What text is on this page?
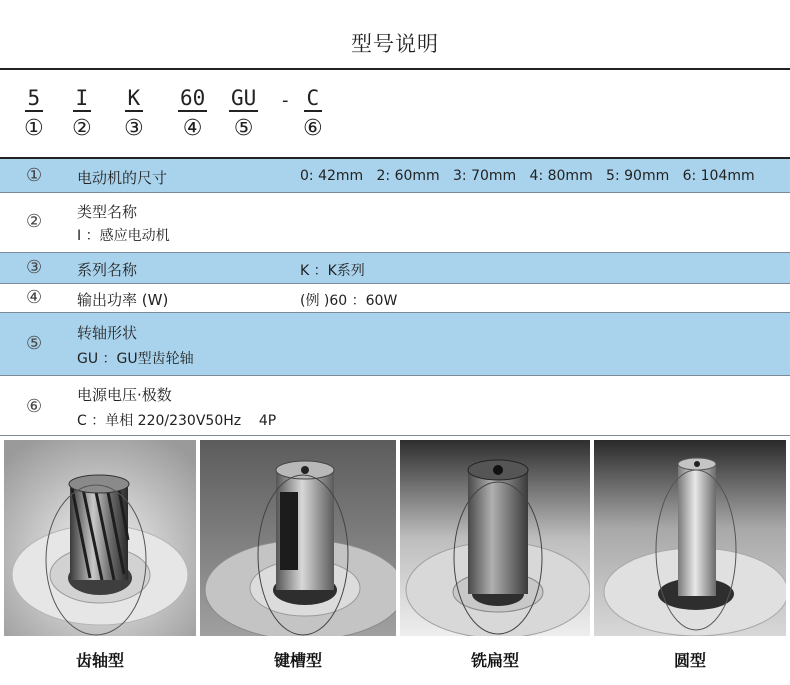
型号说明
5
①
I
②
K
③
60
④
GU
⑤
- C
⑥
① 电动机的尺寸	0: 42mm   2: 60mm   3: 70mm   4: 80mm   5: 90mm   6: 104mm
② 类型名称
I ：感应电动机
③ 系列名称	K ：K系列
④ 输出功率 (W)	(例 )60 ：60W
⑤ 转轴形状
GU ：GU型齿轮轴
⑥
电源电压·极数
C ：单相 220/230V50Hz    4P
齿轴型	键槽型	铣扁型	圆型
